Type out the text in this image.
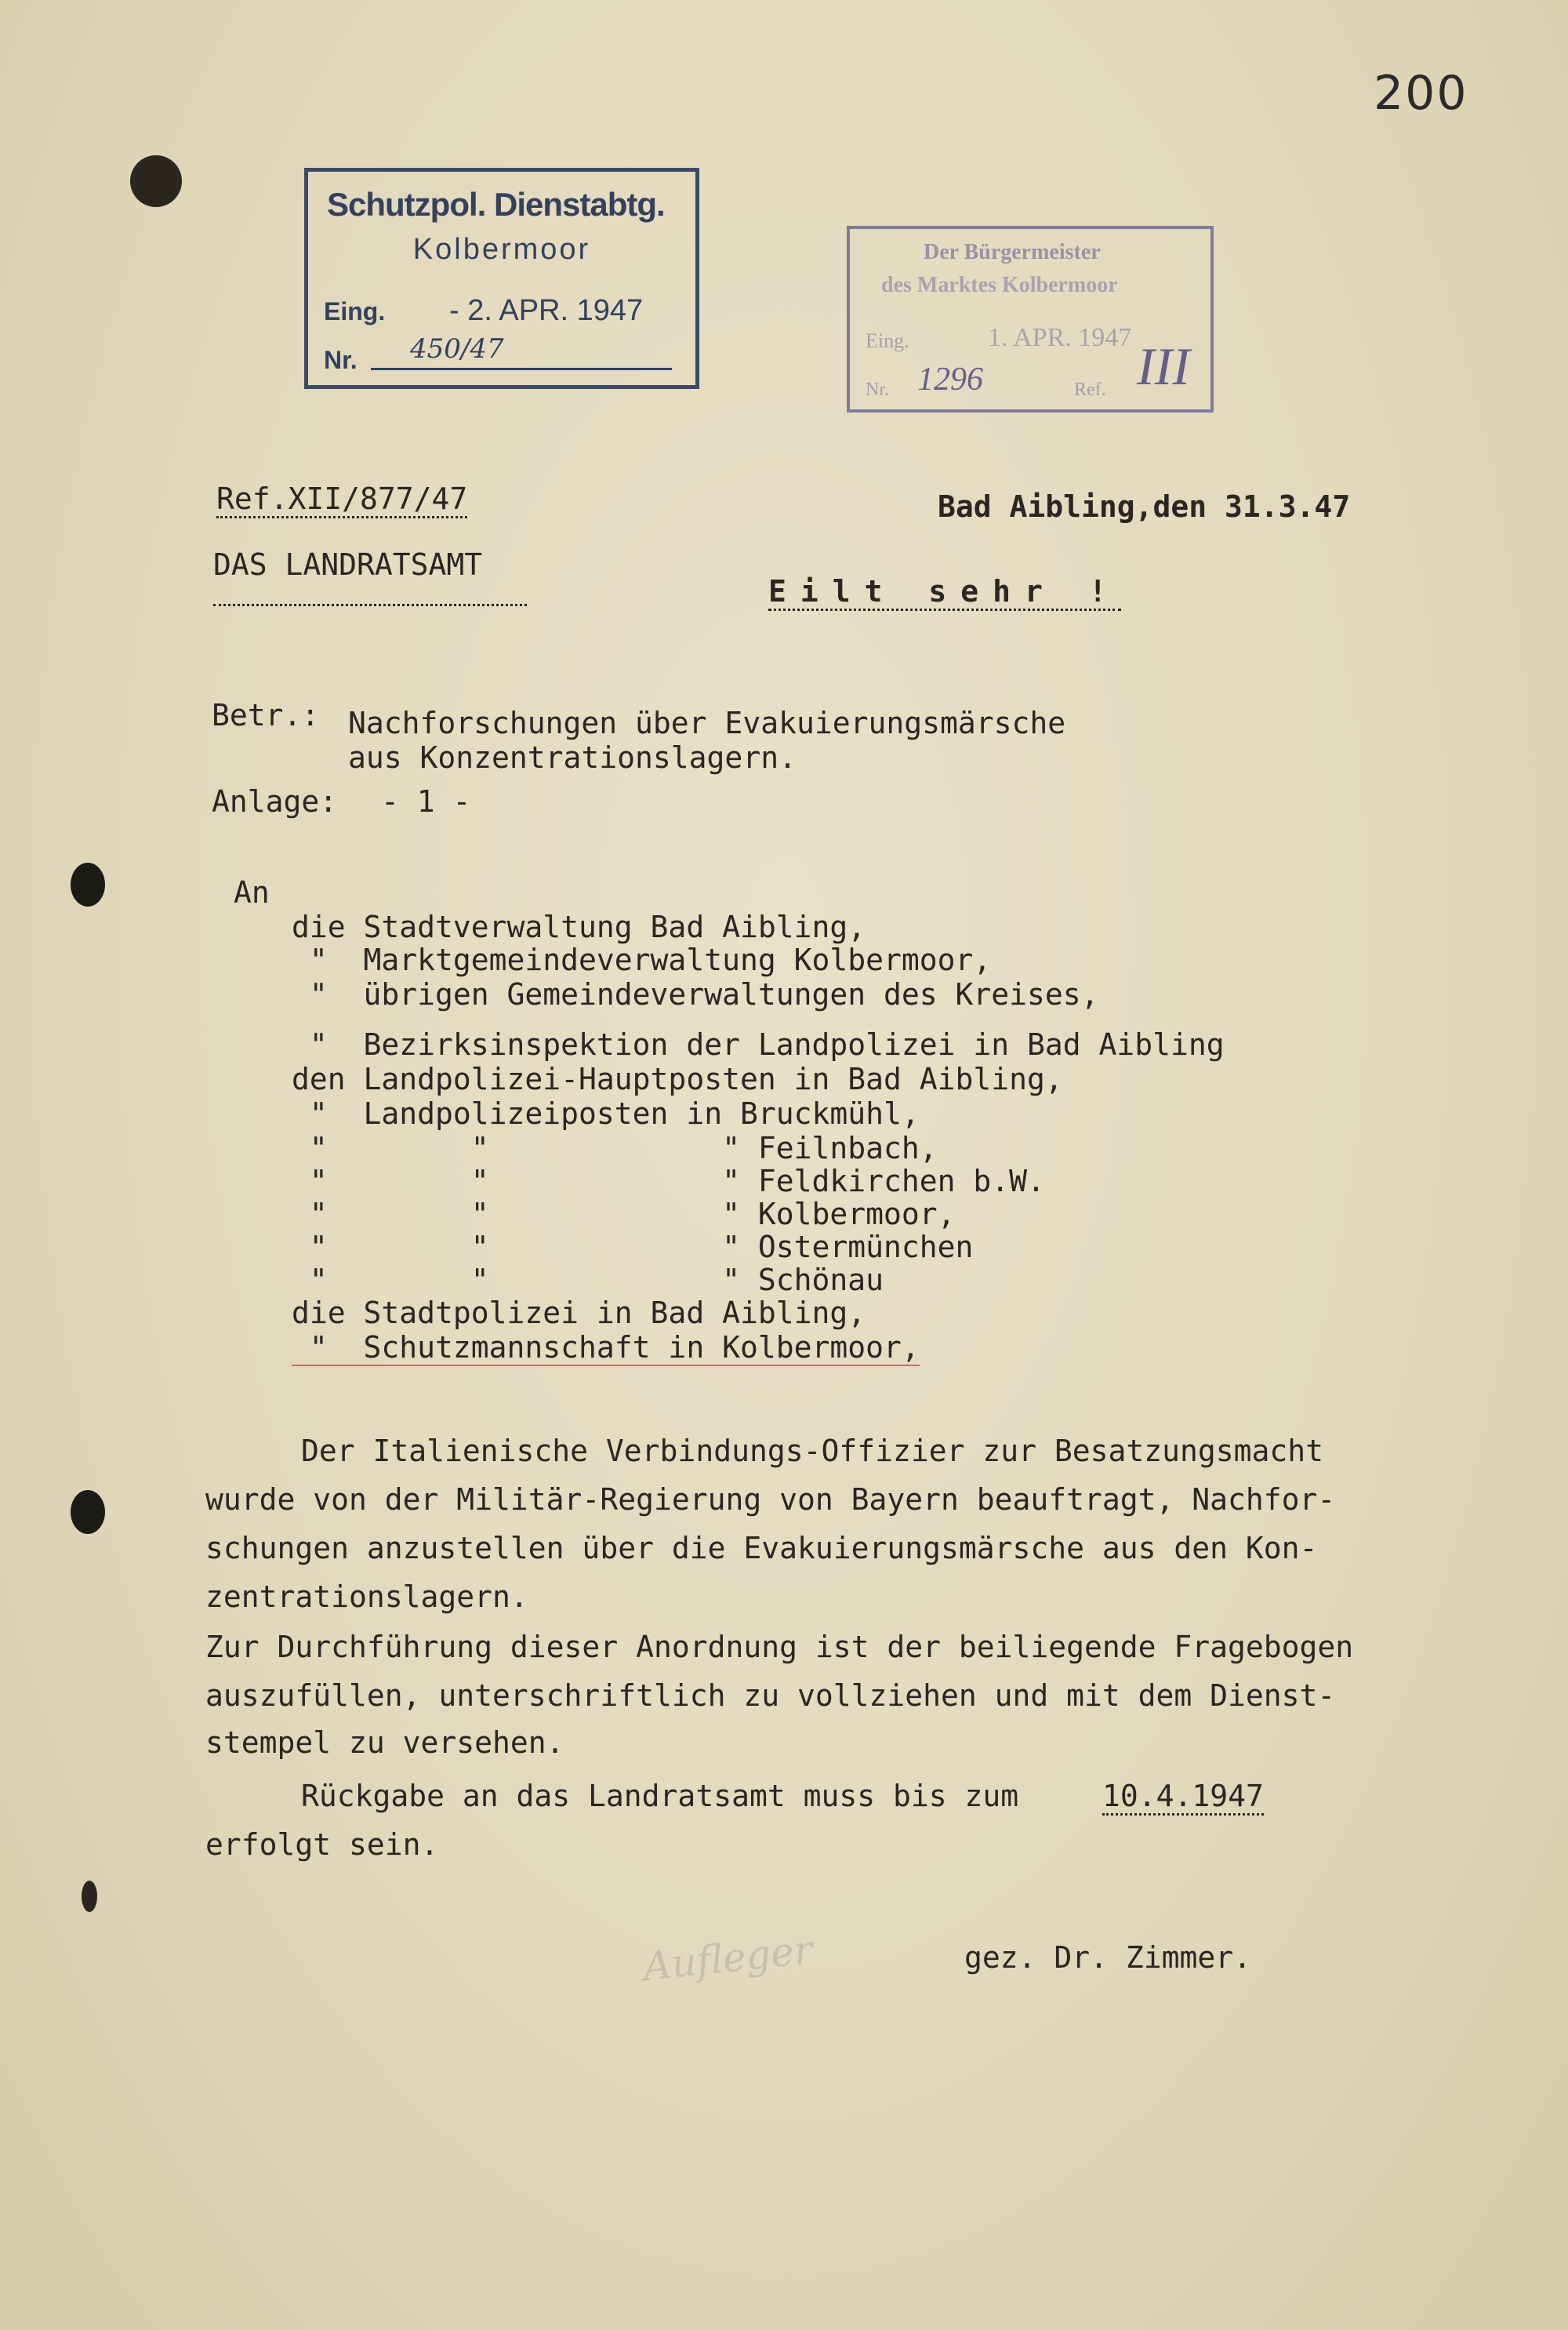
200
Schutzpol. Dienstabtg.
Kolbermoor
Eing. - 2. APR. 1947
Nr. 450/47
Der Bürgermeister
des Marktes Kolbermoor
Eing.	1. APR. 1947
Nr. 1296	Ref. III
Ref.XII/877/47
DAS LANDRATSAMT
Bad Aibling,den 31.3.47
Eilt sehr !
Betr.: Nachforschungen über Evakuierungsmärsche
aus Konzentrationslagern.
Anlage: - 1 -
An
die Stadtverwaltung Bad Aibling,
"  Marktgemeindeverwaltung Kolbermoor,
"  übrigen Gemeindeverwaltungen des Kreises,
"  Bezirksinspektion der Landpolizei in Bad Aibling
den Landpolizei-Hauptposten in Bad Aibling,
"  Landpolizeiposten in Bruckmühl,
"        "             " Feilnbach,
"        "             " Feldkirchen b.W.
"        "             " Kolbermoor,
"        "             " Ostermünchen
"        "             " Schönau
die Stadtpolizei in Bad Aibling,
"  Schutzmannschaft in Kolbermoor,
Der Italienische Verbindungs-Offizier zur Besatzungsmacht
wurde von der Militär-Regierung von Bayern beauftragt, Nachfor-
schungen anzustellen über die Evakuierungsmärsche aus den Kon-
zentrationslagern.
Zur Durchführung dieser Anordnung ist der beiliegende Fragebogen
auszufüllen, unterschriftlich zu vollziehen und mit dem Dienst-
stempel zu versehen.
Rückgabe an das Landratsamt muss bis zum	10.4.1947
erfolgt sein.
Aufleger	gez. Dr. Zimmer.
